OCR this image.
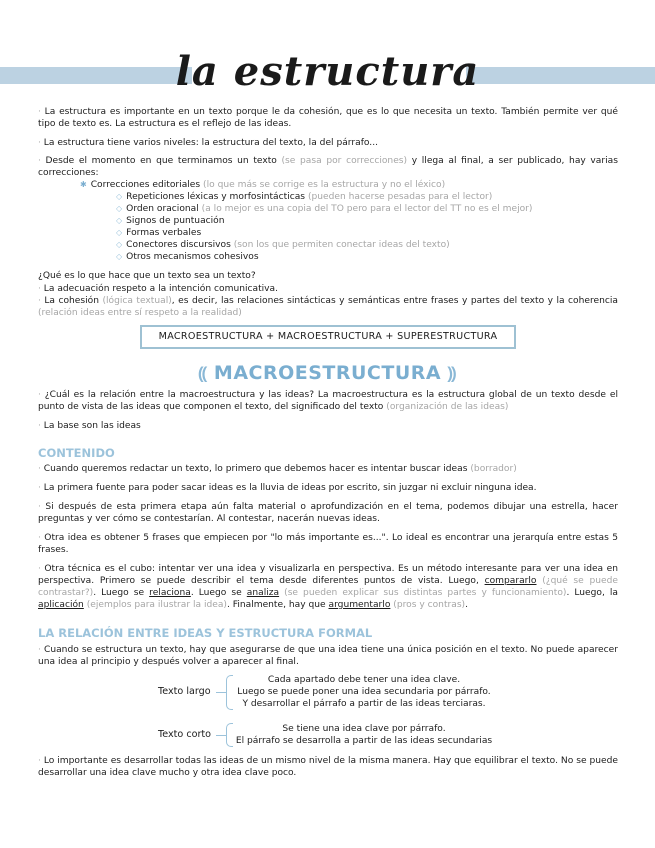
la estructura

· La estructura es importante en un texto porque le da cohesión, que es lo que necesita un texto. También permite ver qué tipo de texto es. La estructura es el reflejo de las ideas.

· La estructura tiene varios niveles: la estructura del texto, la del párrafo...

· Desde el momento en que terminamos un texto (se pasa por correcciones) y llega al final, a ser publicado, hay varias correcciones:

✱ Correcciones editoriales (lo que más se corrige es la estructura y no el léxico)
◇ Repeticiones léxicas y morfosintácticas (pueden hacerse pesadas para el lector)
◇ Orden oracional (a lo mejor es una copia del TO pero para el lector del TT no es el mejor)
◇ Signos de puntuación
◇ Formas verbales
◇ Conectores discursivos (son los que permiten conectar ideas del texto)
◇ Otros mecanismos cohesivos

¿Qué es lo que hace que un texto sea un texto?

· La adecuación respeto a la intención comunicativa.

· La cohesión (lógica textual), es decir, las relaciones sintácticas y semánticas entre frases y partes del texto y la coherencia (relación ideas entre sí respeto a la realidad)

MACROESTRUCTURA + MACROESTRUCTURA + SUPERESTRUCTURA
⸨ MACROESTRUCTURA ⸩

· ¿Cuál es la relación entre la macroestructura y las ideas? La macroestructura es la estructura global de un texto desde el punto de vista de las ideas que componen el texto, del significado del texto (organización de las ideas)

· La base son las ideas

CONTENIDO

· Cuando queremos redactar un texto, lo primero que debemos hacer es intentar buscar ideas (borrador)

· La primera fuente para poder sacar ideas es la lluvia de ideas por escrito, sin juzgar ni excluir ninguna idea.

· Si después de esta primera etapa aún falta material o aprofundización en el tema, podemos dibujar una estrella, hacer preguntas y ver cómo se contestarían. Al contestar, nacerán nuevas ideas.

· Otra idea es obtener 5 frases que empiecen por "lo más importante es...". Lo ideal es encontrar una jerarquía entre estas 5 frases.

· Otra técnica es el cubo: intentar ver una idea y visualizarla en perspectiva. Es un método interesante para ver una idea en perspectiva. Primero se puede describir el tema desde diferentes puntos de vista. Luego, compararlo (¿qué se puede contrastar?). Luego se relaciona. Luego se analiza (se pueden explicar sus distintas partes y funcionamiento). Luego, la aplicación (ejemplos para ilustrar la idea). Finalmente, hay que argumentarlo (pros y contras).

LA RELACIÓN ENTRE IDEAS Y ESTRUCTURA FORMAL

· Cuando se estructura un texto, hay que asegurarse de que una idea tiene una única posición en el texto. No puede aparecer una idea al principio y después volver a aparecer al final.

Texto largo
Cada apartado debe tener una idea clave.
Luego se puede poner una idea secundaria por párrafo.
Y desarrollar el párrafo a partir de las ideas terciaras.
Texto corto	Se tiene una idea clave por párrafo.
El párrafo se desarrolla a partir de las ideas secundarias

· Lo importante es desarrollar todas las ideas de un mismo nivel de la misma manera. Hay que equilibrar el texto. No se puede desarrollar una idea clave mucho y otra idea clave poco.
